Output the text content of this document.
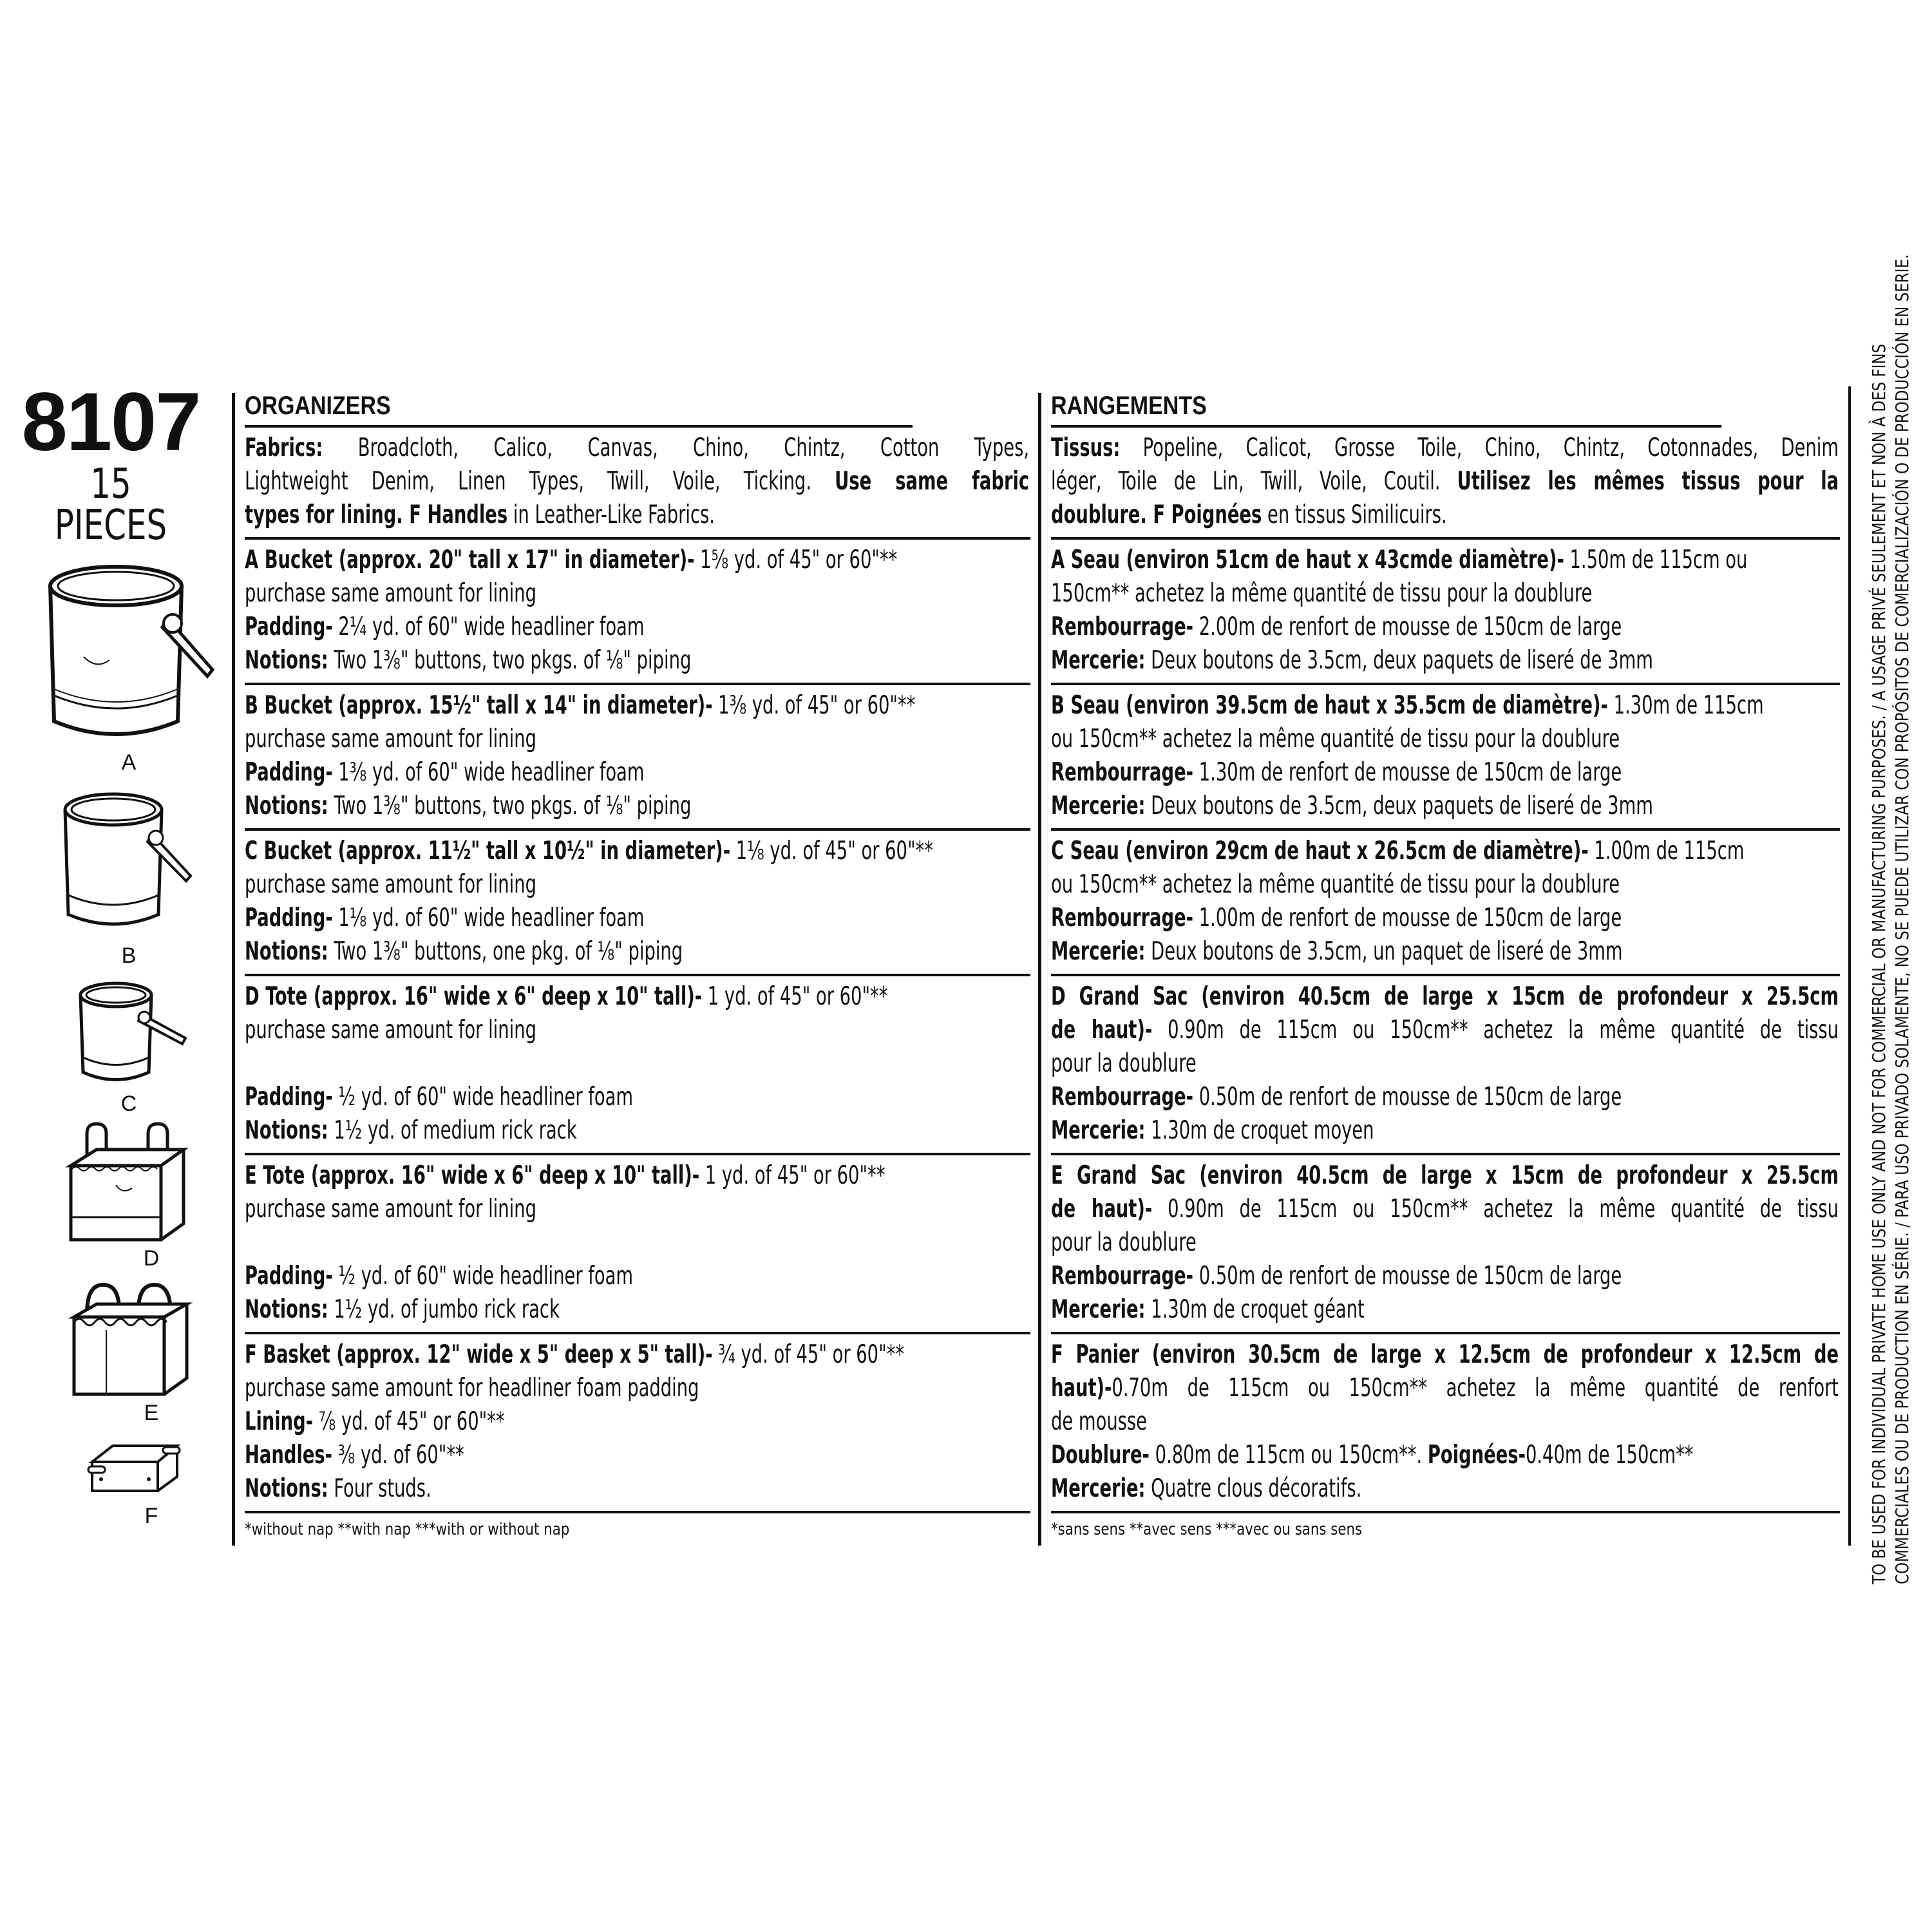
8107
15 PIECES
A
B
C
D
E
F
ORGANIZERS
Fabrics: Broadcloth, Calico, Canvas, Chino, Chintz, Cotton Types,
Lightweight Denim, Linen Types, Twill, Voile, Ticking. Use same fabric
types for lining. F Handles in Leather-Like Fabrics.
A Bucket (approx. 20" tall x 17" in diameter)- 1⅝ yd. of 45" or 60"**
purchase same amount for lining
Padding- 2¼ yd. of 60" wide headliner foam
Notions: Two 1⅜" buttons, two pkgs. of ⅛" piping
B Bucket (approx. 15½" tall x 14" in diameter)- 1⅜ yd. of 45" or 60"**
purchase same amount for lining
Padding- 1⅜ yd. of 60" wide headliner foam
Notions: Two 1⅜" buttons, two pkgs. of ⅛" piping
C Bucket (approx. 11½" tall x 10½" in diameter)- 1⅛ yd. of 45" or 60"**
purchase same amount for lining
Padding- 1⅛ yd. of 60" wide headliner foam
Notions: Two 1⅜" buttons, one pkg. of ⅛" piping
D Tote (approx. 16" wide x 6" deep x 10" tall)- 1 yd. of 45" or 60"**
purchase same amount for lining
Padding- ½ yd. of 60" wide headliner foam
Notions: 1½ yd. of medium rick rack
E Tote (approx. 16" wide x 6" deep x 10" tall)- 1 yd. of 45" or 60"**
purchase same amount for lining
Padding- ½ yd. of 60" wide headliner foam
Notions: 1½ yd. of jumbo rick rack
F Basket (approx. 12" wide x 5" deep x 5" tall)- ¾ yd. of 45" or 60"**
purchase same amount for headliner foam padding
Lining- ⅞ yd. of 45" or 60"**
Handles- ⅜ yd. of 60"**
Notions: Four studs.
*without nap **with nap ***with or without nap
RANGEMENTS
Tissus: Popeline, Calicot, Grosse Toile, Chino, Chintz, Cotonnades, Denim
léger, Toile de Lin, Twill, Voile, Coutil. Utilisez les mêmes tissus pour la
doublure. F Poignées en tissus Similicuirs.
A Seau (environ 51cm de haut x 43cmde diamètre)- 1.50m de 115cm ou
150cm** achetez la même quantité de tissu pour la doublure
Rembourrage- 2.00m de renfort de mousse de 150cm de large
Mercerie: Deux boutons de 3.5cm, deux paquets de liseré de 3mm
B Seau (environ 39.5cm de haut x 35.5cm de diamètre)- 1.30m de 115cm
ou 150cm** achetez la même quantité de tissu pour la doublure
Rembourrage- 1.30m de renfort de mousse de 150cm de large
Mercerie: Deux boutons de 3.5cm, deux paquets de liseré de 3mm
C Seau (environ 29cm de haut x 26.5cm de diamètre)- 1.00m de 115cm
ou 150cm** achetez la même quantité de tissu pour la doublure
Rembourrage- 1.00m de renfort de mousse de 150cm de large
Mercerie: Deux boutons de 3.5cm, un paquet de liseré de 3mm
D Grand Sac (environ 40.5cm de large x 15cm de profondeur x 25.5cm
de haut)- 0.90m de 115cm ou 150cm** achetez la même quantité de tissu
pour la doublure
Rembourrage- 0.50m de renfort de mousse de 150cm de large
Mercerie: 1.30m de croquet moyen
E Grand Sac (environ 40.5cm de large x 15cm de profondeur x 25.5cm
de haut)- 0.90m de 115cm ou 150cm** achetez la même quantité de tissu
pour la doublure
Rembourrage- 0.50m de renfort de mousse de 150cm de large
Mercerie: 1.30m de croquet géant
F Panier (environ 30.5cm de large x 12.5cm de profondeur x 12.5cm de
haut)-0.70m de 115cm ou 150cm** achetez la même quantité de renfort
de mousse
Doublure- 0.80m de 115cm ou 150cm**. Poignées-0.40m de 150cm**
Mercerie: Quatre clous décoratifs.
*sans sens **avec sens ***avec ou sans sens	TO BE USED FOR INDIVIDUAL PRIVATE HOME USE ONLY AND NOT FOR COMMERCIAL OR MANUFACTURING PURPOSES. / A USAGE PRIVÉ SEULEMENT ET NON À DES FINS COMMERCIALES OU DE PRODUCTION EN SÉRIE. / PARA USO PRIVADO SOLAMENTE, NO SE PUEDE UTILIZAR CON PROPÓSITOS DE COMERCIALIZACIÓN O DE PRODUCCIÓN EN SERIE.
